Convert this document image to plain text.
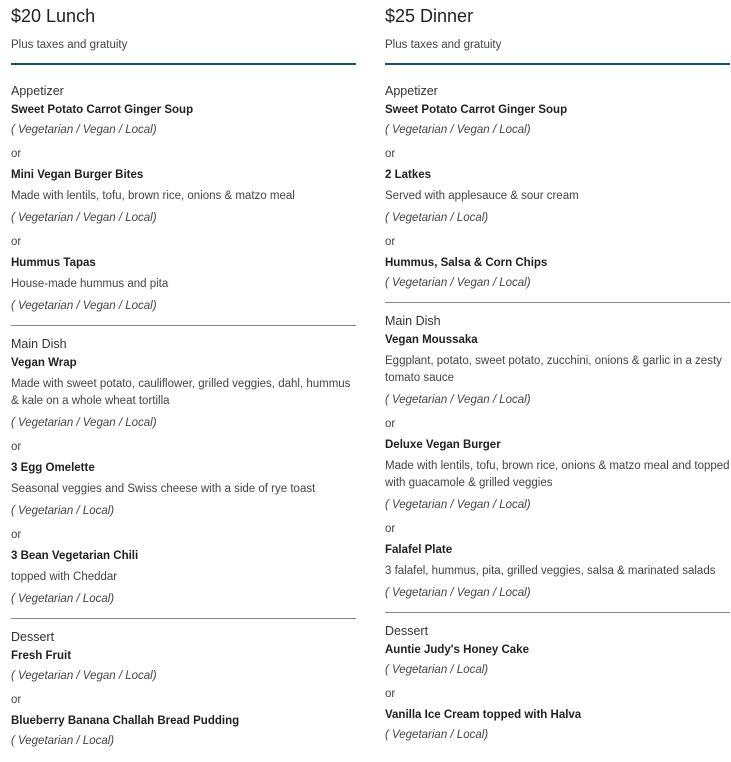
$20 Lunch
Plus taxes and gratuity
Appetizer
Sweet Potato Carrot Ginger Soup
( Vegetarian / Vegan / Local)
or
Mini Vegan Burger Bites
Made with lentils, tofu, brown rice, onions & matzo meal
( Vegetarian / Vegan / Local)
or
Hummus Tapas
House-made hummus and pita
( Vegetarian / Vegan / Local)
Main Dish
Vegan Wrap
Made with sweet potato, cauliflower, grilled veggies, dahl, hummus & kale on a whole wheat tortilla
( Vegetarian / Vegan / Local)
or
3 Egg Omelette
Seasonal veggies and Swiss cheese with a side of rye toast
( Vegetarian / Local)
or
3 Bean Vegetarian Chili
topped with Cheddar
( Vegetarian / Local)
Dessert
Fresh Fruit
( Vegetarian / Vegan / Local)
or
Blueberry Banana Challah Bread Pudding
( Vegetarian / Local)
$25 Dinner
Plus taxes and gratuity
Appetizer
Sweet Potato Carrot Ginger Soup
( Vegetarian / Vegan / Local)
or
2 Latkes
Served with applesauce & sour cream
( Vegetarian / Local)
or
Hummus, Salsa & Corn Chips
( Vegetarian / Vegan / Local)
Main Dish
Vegan Moussaka
Eggplant, potato, sweet potato, zucchini, onions & garlic in a zesty tomato sauce
( Vegetarian / Vegan / Local)
or
Deluxe Vegan Burger
Made with lentils, tofu, brown rice, onions & matzo meal and topped with guacamole & grilled veggies
( Vegetarian / Vegan / Local)
or
Falafel Plate
3 falafel, hummus, pita, grilled veggies, salsa & marinated salads
( Vegetarian / Vegan / Local)
Dessert
Auntie Judy's Honey Cake
( Vegetarian / Local)
or
Vanilla Ice Cream topped with Halva
( Vegetarian / Local)
